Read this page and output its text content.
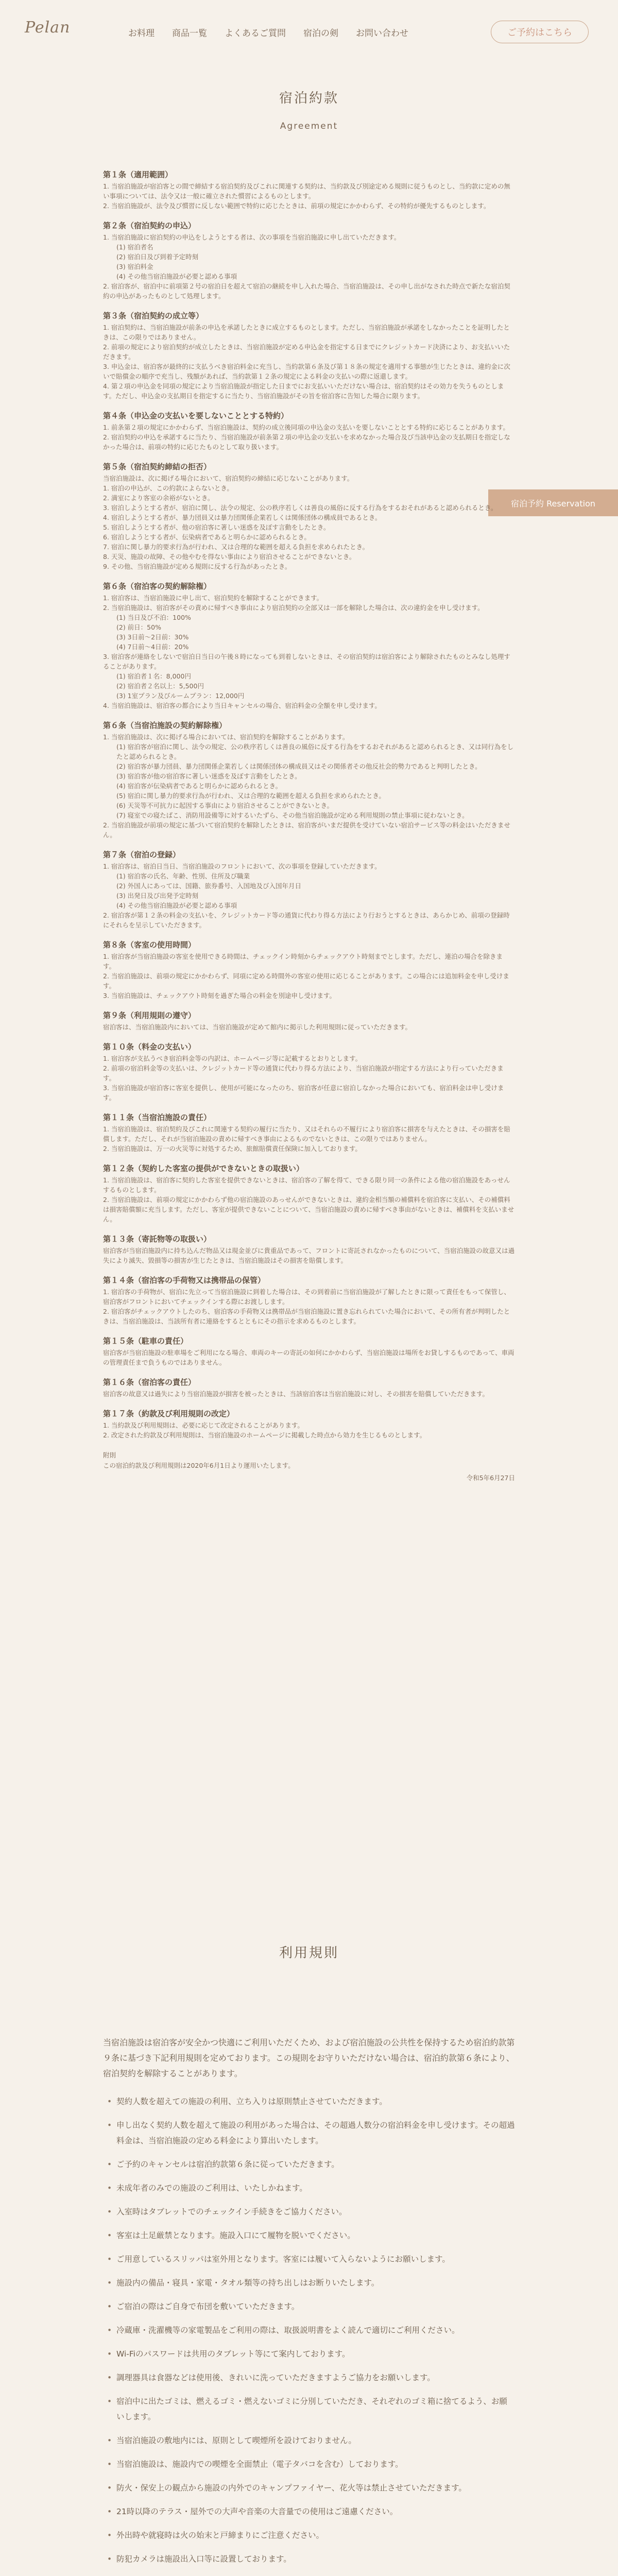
Pelan	お料理	商品一覧	よくあるご質問	宿泊の剣	お問い合わせ	ご予約はこちら
宿泊予約 Reservation
宿泊約款
Agreement
第１条（適用範囲）
1. 当宿泊施設が宿泊客との間で締結する宿泊契約及びこれに関連する契約は、当約款及び別途定める規則に従うものとし、当約款に定めの無い事項については、法令又は一般に確立された慣習によるものとします。
2. 当宿泊施設が、法令及び慣習に反しない範囲で特約に応じたときは、前項の規定にかかわらず、その特約が優先するものとします。
第２条（宿泊契約の申込）
1. 当宿泊施設に宿泊契約の申込をしようとする者は、次の事項を当宿泊施設に申し出ていただきます。
(1) 宿泊者名
(2) 宿泊日及び到着予定時刻
(3) 宿泊料金
(4) その他当宿泊施設が必要と認める事項
2. 宿泊客が、宿泊中に前項第２号の宿泊日を超えて宿泊の継続を申し入れた場合、当宿泊施設は、その申し出がなされた時点で新たな宿泊契約の申込があったものとして処理します。
第３条（宿泊契約の成立等）
1. 宿泊契約は、当宿泊施設が前条の申込を承諾したときに成立するものとします。ただし、当宿泊施設が承諾をしなかったことを証明したときは、この限りではありません。
2. 前項の規定により宿泊契約が成立したときは、当宿泊施設が定める申込金を指定する日までにクレジットカード決済により、お支払いいただきます。
3. 申込金は、宿泊客が最終的に支払うべき宿泊料金に充当し、当約款第６条及び第１８条の規定を適用する事態が生じたときは、違約金に次いで賠償金の順序で充当し、残額があれば、当約款第１２条の規定による料金の支払いの際に返還します。
4. 第２項の申込金を同項の規定により当宿泊施設が指定した日までにお支払いいただけない場合は、宿泊契約はその効力を失うものとします。ただし、申込金の支払期日を指定するに当たり、当宿泊施設がその旨を宿泊客に告知した場合に限ります。
第４条（申込金の支払いを要しないこととする特約）
1. 前条第２項の規定にかかわらず、当宿泊施設は、契約の成立後同項の申込金の支払いを要しないこととする特約に応じることがあります。
2. 宿泊契約の申込を承諾するに当たり、当宿泊施設が前条第２項の申込金の支払いを求めなかった場合及び当該申込金の支払期日を指定しなかった場合は、前項の特約に応じたものとして取り扱います。
第５条（宿泊契約締結の拒否）
当宿泊施設は、次に掲げる場合において、宿泊契約の締結に応じないことがあります。
1. 宿泊の申込が、この約款によらないとき。
2. 満室により客室の余裕がないとき。
3. 宿泊しようとする者が、宿泊に関し、法令の規定、公の秩序若しくは善良の風俗に反する行為をするおそれがあると認められるとき。
4. 宿泊しようとする者が、暴力団員又は暴力団関係企業若しくは関係団体の構成員であるとき。
5. 宿泊しようとする者が、他の宿泊客に著しい迷惑を及ぼす言動をしたとき。
6. 宿泊しようとする者が、伝染病者であると明らかに認められるとき。
7. 宿泊に関し暴力的要求行為が行われ、又は合理的な範囲を超える負担を求められたとき。
8. 天災、施設の故障、その他やむを得ない事由により宿泊させることができないとき。
9. その他、当宿泊施設が定める規則に反する行為があったとき。
第６条（宿泊客の契約解除権）
1. 宿泊客は、当宿泊施設に申し出て、宿泊契約を解除することができます。
2. 当宿泊施設は、宿泊客がその責めに帰すべき事由により宿泊契約の全部又は一部を解除した場合は、次の違約金を申し受けます。
(1) 当日及び不泊：100%
(2) 前日：50%
(3) 3日前～2日前：30%
(4) 7日前～4日前：20%
3. 宿泊客が連絡をしないで宿泊日当日の午後８時になっても到着しないときは、その宿泊契約は宿泊客により解除されたものとみなし処理することがあります。
(1) 宿泊者１名：8,000円
(2) 宿泊者２名以上：5,500円
(3) 1室プラン及びルームプラン：12,000円
4. 当宿泊施設は、宿泊客の都合により当日キャンセルの場合、宿泊料金の全額を申し受けます。
第６条（当宿泊施設の契約解除権）
1. 当宿泊施設は、次に掲げる場合においては、宿泊契約を解除することがあります。
(1) 宿泊客が宿泊に関し、法令の規定、公の秩序若しくは善良の風俗に反する行為をするおそれがあると認められるとき、又は同行為をしたと認められるとき。
(2) 宿泊客が暴力団員、暴力団関係企業若しくは関係団体の構成員又はその関係者その他反社会的勢力であると判明したとき。
(3) 宿泊客が他の宿泊客に著しい迷惑を及ぼす言動をしたとき。
(4) 宿泊客が伝染病者であると明らかに認められるとき。
(5) 宿泊に関し暴力的要求行為が行われ、又は合理的な範囲を超える負担を求められたとき。
(6) 天災等不可抗力に起因する事由により宿泊させることができないとき。
(7) 寝室での寝たばこ、消防用設備等に対するいたずら、その他当宿泊施設が定める利用規則の禁止事項に従わないとき。
2. 当宿泊施設が前項の規定に基づいて宿泊契約を解除したときは、宿泊客がいまだ提供を受けていない宿泊サービス等の料金はいただきません。
第７条（宿泊の登録）
1. 宿泊客は、宿泊日当日、当宿泊施設のフロントにおいて、次の事項を登録していただきます。
(1) 宿泊客の氏名、年齢、性別、住所及び職業
(2) 外国人にあっては、国籍、旅券番号、入国地及び入国年月日
(3) 出発日及び出発予定時刻
(4) その他当宿泊施設が必要と認める事項
2. 宿泊客が第１２条の料金の支払いを、クレジットカード等の通貨に代わり得る方法により行おうとするときは、あらかじめ、前項の登録時にそれらを呈示していただきます。
第８条（客室の使用時間）
1. 宿泊客が当宿泊施設の客室を使用できる時間は、チェックイン時刻からチェックアウト時刻までとします。ただし、連泊の場合を除きます。
2. 当宿泊施設は、前項の規定にかかわらず、同項に定める時間外の客室の使用に応じることがあります。この場合には追加料金を申し受けます。
3. 当宿泊施設は、チェックアウト時刻を過ぎた場合の料金を別途申し受けます。
第９条（利用規則の遵守）
宿泊客は、当宿泊施設内においては、当宿泊施設が定めて館内に掲示した利用規則に従っていただきます。
第１０条（料金の支払い）
1. 宿泊客が支払うべき宿泊料金等の内訳は、ホームページ等に記載するとおりとします。
2. 前項の宿泊料金等の支払いは、クレジットカード等の通貨に代わり得る方法により、当宿泊施設が指定する方法により行っていただきます。
3. 当宿泊施設が宿泊客に客室を提供し、使用が可能になったのち、宿泊客が任意に宿泊しなかった場合においても、宿泊料金は申し受けます。
第１１条（当宿泊施設の責任）
1. 当宿泊施設は、宿泊契約及びこれに関連する契約の履行に当たり、又はそれらの不履行により宿泊客に損害を与えたときは、その損害を賠償します。ただし、それが当宿泊施設の責めに帰すべき事由によるものでないときは、この限りではありません。
2. 当宿泊施設は、万一の火災等に対処するため、旅館賠償責任保険に加入しております。
第１２条（契約した客室の提供ができないときの取扱い）
1. 当宿泊施設は、宿泊客に契約した客室を提供できないときは、宿泊客の了解を得て、できる限り同一の条件による他の宿泊施設をあっせんするものとします。
2. 当宿泊施設は、前項の規定にかかわらず他の宿泊施設のあっせんができないときは、違約金相当額の補償料を宿泊客に支払い、その補償料は損害賠償額に充当します。ただし、客室が提供できないことについて、当宿泊施設の責めに帰すべき事由がないときは、補償料を支払いません。
第１３条（寄託物等の取扱い）
宿泊客が当宿泊施設内に持ち込んだ物品又は現金並びに貴重品であって、フロントに寄託されなかったものについて、当宿泊施設の故意又は過失により滅失、毀損等の損害が生じたときは、当宿泊施設はその損害を賠償します。
第１４条（宿泊客の手荷物又は携帯品の保管）
1. 宿泊客の手荷物が、宿泊に先立って当宿泊施設に到着した場合は、その到着前に当宿泊施設が了解したときに限って責任をもって保管し、宿泊客がフロントにおいてチェックインする際にお渡しします。
2. 宿泊客がチェックアウトしたのち、宿泊客の手荷物又は携帯品が当宿泊施設に置き忘れられていた場合において、その所有者が判明したときは、当宿泊施設は、当該所有者に連絡をするとともにその指示を求めるものとします。
第１５条（駐車の責任）
宿泊客が当宿泊施設の駐車場をご利用になる場合、車両のキーの寄託の如何にかかわらず、当宿泊施設は場所をお貸しするものであって、車両の管理責任まで負うものではありません。
第１６条（宿泊客の責任）
宿泊客の故意又は過失により当宿泊施設が損害を被ったときは、当該宿泊客は当宿泊施設に対し、その損害を賠償していただきます。
第１７条（約款及び利用規則の改定）
1. 当約款及び利用規則は、必要に応じて改定されることがあります。
2. 改定された約款及び利用規則は、当宿泊施設のホームページに掲載した時点から効力を生じるものとします。
附則
この宿泊約款及び利用規則は2020年6月1日より運用いたします。
令和5年6月27日
利用規則
当宿泊施設は宿泊客が安全かつ快適にご利用いただくため、および宿泊施設の公共性を保持するため宿泊約款第９条に基づき下記利用規則を定めております。この規則をお守りいただけない場合は、宿泊約款第６条により、宿泊契約を解除することがあります。
• 契約人数を超えての施設の利用、立ち入りは原則禁止させていただきます。
• 申し出なく契約人数を超えて施設の利用があった場合は、その超過人数分の宿泊料金を申し受けます。その超過料金は、当宿泊施設の定める料金により算出いたします。
• ご予約のキャンセルは宿泊約款第６条に従っていただきます。
• 未成年者のみでの施設のご利用は、いたしかねます。
• 入室時はタブレットでのチェックイン手続きをご協力ください。
• 客室は土足厳禁となります。施設入口にて履物を脱いでください。
• ご用意しているスリッパは室外用となります。客室には履いて入らないようにお願いします。
• 施設内の備品・寝具・家電・タオル類等の持ち出しはお断りいたします。
• ご宿泊の際はご自身で布団を敷いていただきます。
• 冷蔵庫・洗濯機等の家電製品をご利用の際は、取扱説明書をよく読んで適切にご利用ください。
• Wi-Fiのパスワードは共用のタブレット等にて案内しております。
• 調理器具は食器などは使用後、きれいに洗っていただきますようご協力をお願いします。
• 宿泊中に出たゴミは、燃えるゴミ・燃えないゴミに分別していただき、それぞれのゴミ箱に捨てるよう、お願いします。
• 当宿泊施設の敷地内には、原則として喫煙所を設けておりません。
• 当宿泊施設は、施設内での喫煙を全面禁止（電子タバコを含む）しております。
• 防火・保安上の観点から施設の内外でのキャンプファイヤー、花火等は禁止させていただきます。
• 21時以降のテラス・屋外での大声や音楽の大音量での使用はご遠慮ください。
• 外出時や就寝時は火の始末と戸締まりにご注意ください。
• 防犯カメラは施設出入口等に設置しております。
